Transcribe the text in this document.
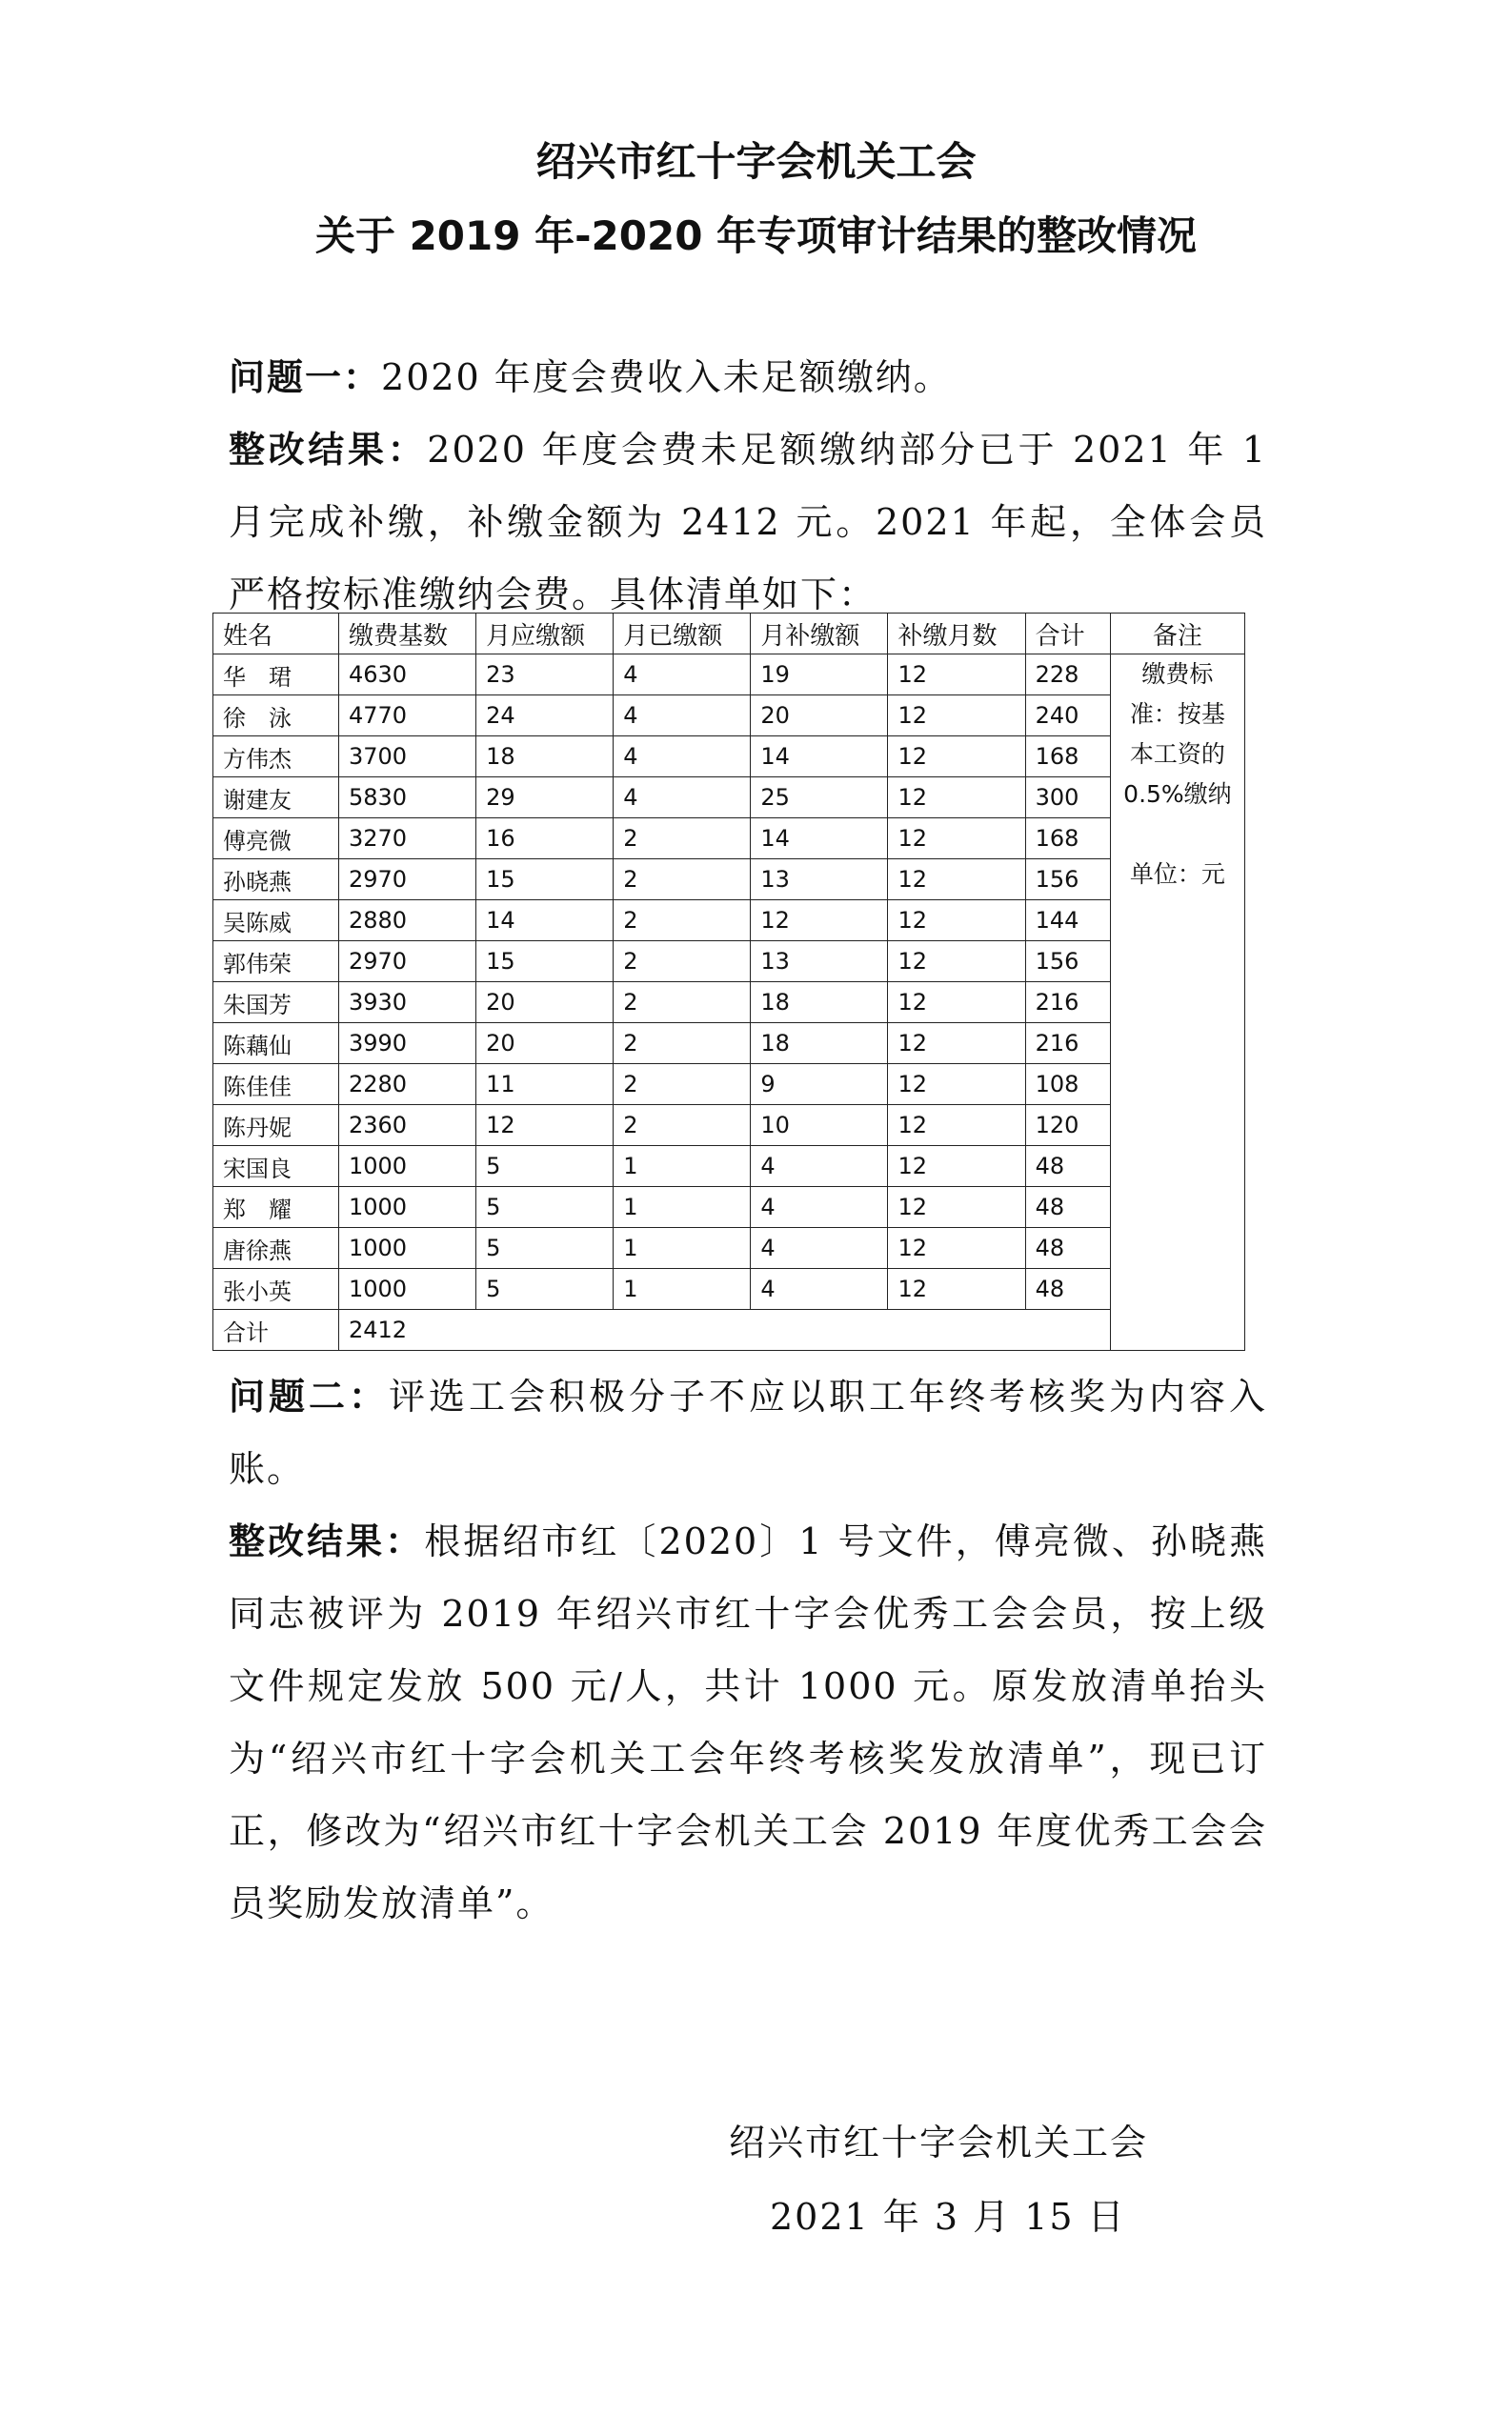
绍兴市红十字会机关工会
关于 2019 年-2020 年专项审计结果的整改情况

问题一：2020 年度会费收入未足额缴纳。

整改结果：2020 年度会费未足额缴纳部分已于 2021 年 1 月完成补缴，补缴金额为 2412 元。2021 年起，全体会员严格按标准缴纳会费。具体清单如下：

姓名	缴费基数	月应缴额	月已缴额	月补缴额	补缴月数	合计	备注
华　珺	4630	23	4	19	12	228	缴费标
准：按基
本工资的
0.5%缴纳
单位：元

徐　泳	4770	24	4	20	12	240	
方伟杰	3700	18	4	14	12	168	
谢建友	5830	29	4	25	12	300	
傅亮微	3270	16	2	14	12	168	
孙晓燕	2970	15	2	13	12	156	
吴陈威	2880	14	2	12	12	144	
郭伟荣	2970	15	2	13	12	156	
朱国芳	3930	20	2	18	12	216	
陈藕仙	3990	20	2	18	12	216	
陈佳佳	2280	11	2	9	12	108	
陈丹妮	2360	12	2	10	12	120	
宋国良	1000	5	1	4	12	48	
郑　耀	1000	5	1	4	12	48	
唐徐燕	1000	5	1	4	12	48	
张小英	1000	5	1	4	12	48	
合计	2412						

问题二：评选工会积极分子不应以职工年终考核奖为内容入账。

整改结果：根据绍市红〔2020〕1 号文件，傅亮微、孙晓燕同志被评为 2019 年绍兴市红十字会优秀工会会员，按上级文件规定发放 500 元/人，共计 1000 元。原发放清单抬头为“绍兴市红十字会机关工会年终考核奖发放清单”，现已订正，修改为“绍兴市红十字会机关工会 2019 年度优秀工会会员奖励发放清单”。

绍兴市红十字会机关工会
2021 年 3 月 15 日
